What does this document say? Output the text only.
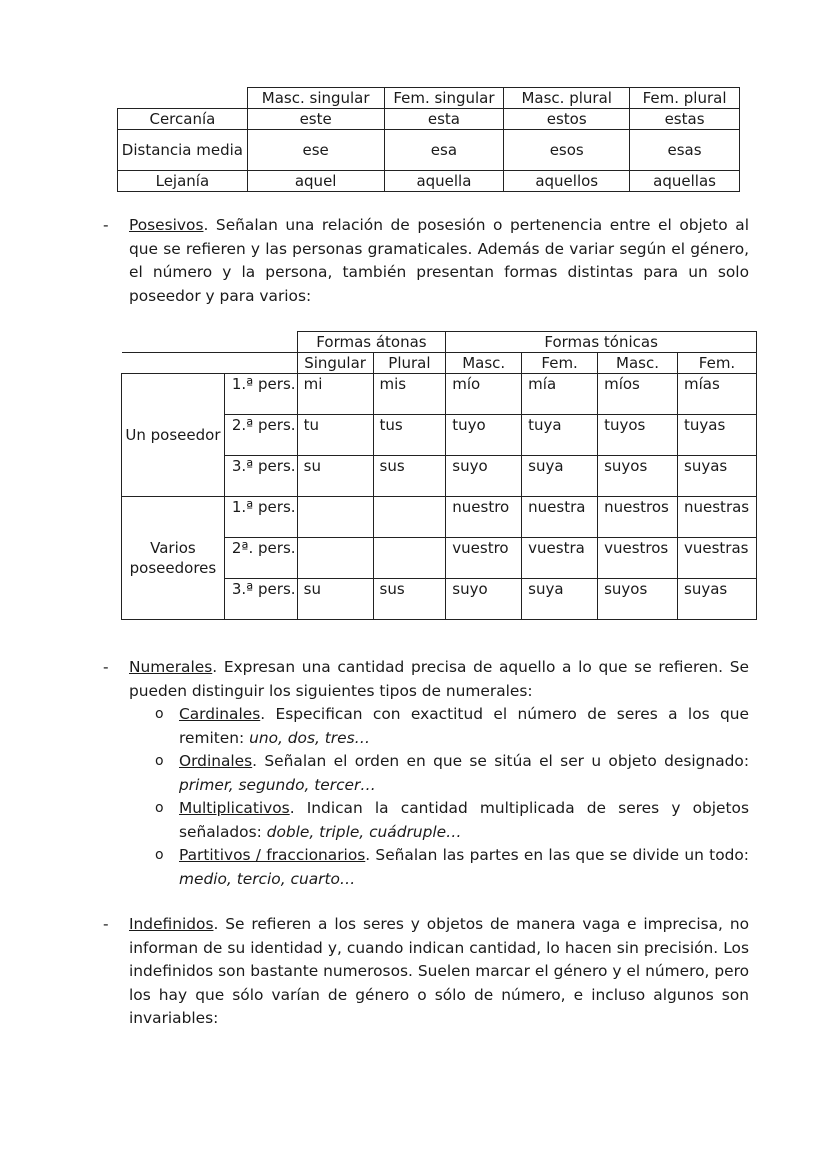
	Masc. singular	Fem. singular	Masc. plural	Fem. plural
Cercanía	este	esta	estos	estas
Distancia media	ese	esa	esos	esas
Lejanía	aquel	aquella	aquellos	aquellas
- Posesivos. Señalan una relación de posesión o pertenencia entre el objeto al que se refieren y las personas gramaticales. Además de variar según el género, el número y la persona, también presentan formas distintas para un solo poseedor y para varios:
		Formas átonas		Formas tónicas			
		Singular	Plural	Masc.	Fem.	Masc.	Fem.
Un poseedor	1.ª pers.	mi	mis	mío	mía	míos	mías
	2.ª pers.	tu	tus	tuyo	tuya	tuyos	tuyas
	3.ª pers.	su	sus	suyo	suya	suyos	suyas
Varios poseedores	1.ª pers.			nuestro	nuestra	nuestros	nuestras
	2ª. pers.			vuestro	vuestra	vuestros	vuestras
	3.ª pers.	su	sus	suyo	suya	suyos	suyas
- Numerales. Expresan una cantidad precisa de aquello a lo que se refieren. Se pueden distinguir los siguientes tipos de numerales:
o Cardinales. Especifican con exactitud el número de seres a los que remiten: uno, dos, tres…
o Ordinales. Señalan el orden en que se sitúa el ser u objeto designado: primer, segundo, tercer…
o Multiplicativos. Indican la cantidad multiplicada de seres y objetos señalados: doble, triple, cuádruple…
o Partitivos / fraccionarios. Señalan las partes en las que se divide un todo: medio, tercio, cuarto…
- Indefinidos. Se refieren a los seres y objetos de manera vaga e imprecisa, no informan de su identidad y, cuando indican cantidad, lo hacen sin precisión. Los indefinidos son bastante numerosos. Suelen marcar el género y el número, pero los hay que sólo varían de género o sólo de número, e incluso algunos son invariables:
